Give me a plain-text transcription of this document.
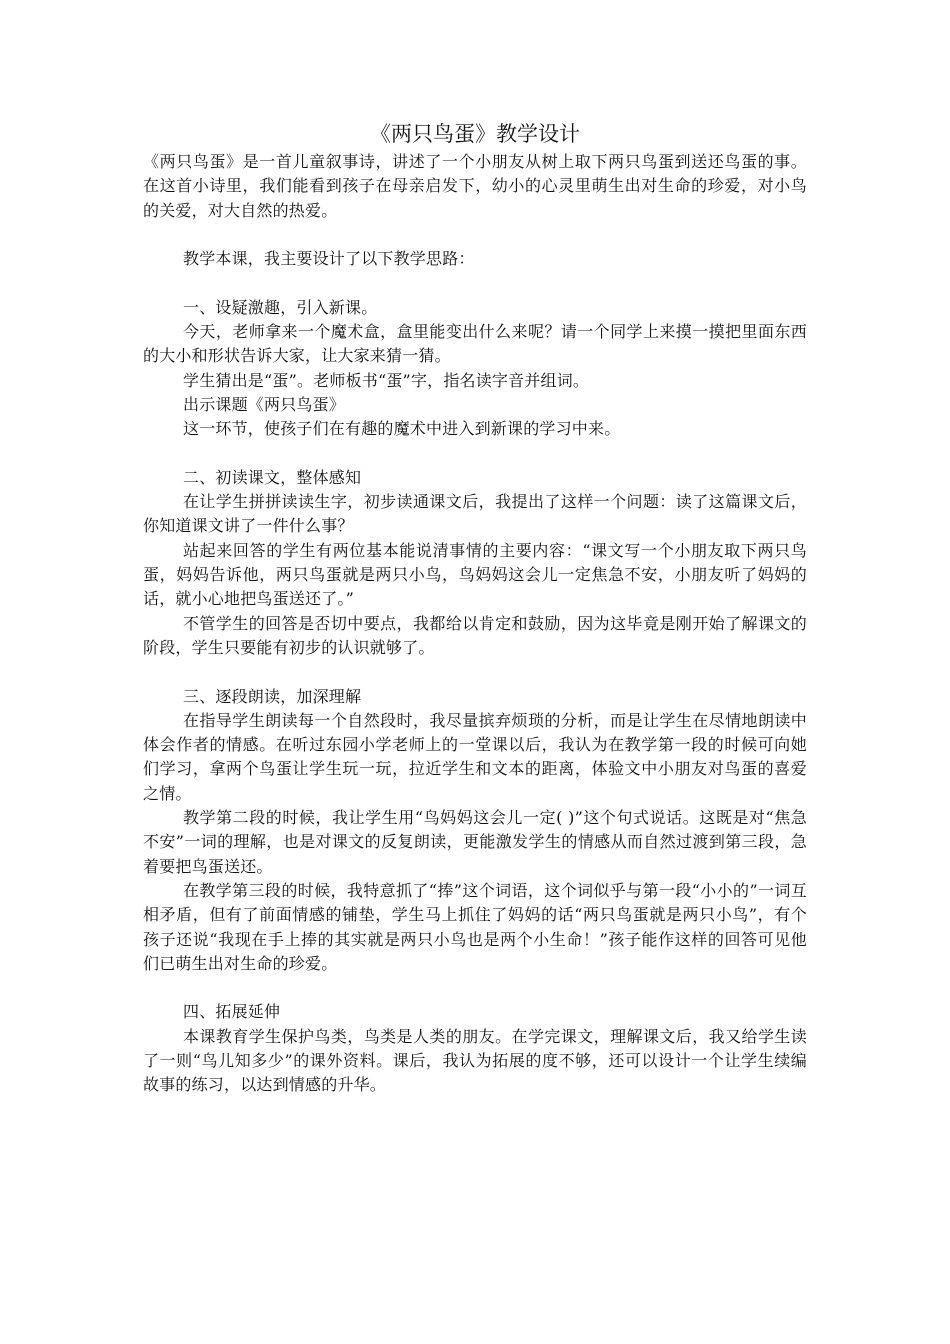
《两只鸟蛋》教学设计

《两只鸟蛋》是一首儿童叙事诗，讲述了一个小朋友从树上取下两只鸟蛋到送还鸟蛋的事。在这首小诗里，我们能看到孩子在母亲启发下，幼小的心灵里萌生出对生命的珍爱，对小鸟的关爱，对大自然的热爱。

教学本课，我主要设计了以下教学思路：

一、设疑激趣，引入新课。

今天，老师拿来一个魔术盒，盒里能变出什么来呢？请一个同学上来摸一摸把里面东西的大小和形状告诉大家，让大家来猜一猜。

学生猜出是“蛋”。老师板书“蛋”字，指名读字音并组词。

出示课题《两只鸟蛋》

这一环节，使孩子们在有趣的魔术中进入到新课的学习中来。

二、初读课文，整体感知

在让学生拼拼读读生字，初步读通课文后，我提出了这样一个问题：读了这篇课文后，你知道课文讲了一件什么事？

站起来回答的学生有两位基本能说清事情的主要内容：“课文写一个小朋友取下两只鸟蛋，妈妈告诉他，两只鸟蛋就是两只小鸟，鸟妈妈这会儿一定焦急不安，小朋友听了妈妈的话，就小心地把鸟蛋送还了。”

不管学生的回答是否切中要点，我都给以肯定和鼓励，因为这毕竟是刚开始了解课文的阶段，学生只要能有初步的认识就够了。

三、逐段朗读，加深理解

在指导学生朗读每一个自然段时，我尽量摈弃烦琐的分析，而是让学生在尽情地朗读中体会作者的情感。在听过东园小学老师上的一堂课以后，我认为在教学第一段的时候可向她们学习，拿两个鸟蛋让学生玩一玩，拉近学生和文本的距离，体验文中小朋友对鸟蛋的喜爱之情。

教学第二段的时候，我让学生用“鸟妈妈这会儿一定( )”这个句式说话。这既是对“焦急不安”一词的理解，也是对课文的反复朗读，更能激发学生的情感从而自然过渡到第三段，急着要把鸟蛋送还。

在教学第三段的时候，我特意抓了“捧”这个词语，这个词似乎与第一段“小小的”一词互相矛盾，但有了前面情感的铺垫，学生马上抓住了妈妈的话“两只鸟蛋就是两只小鸟”，有个孩子还说“我现在手上捧的其实就是两只小鸟也是两个小生命！”孩子能作这样的回答可见他们已萌生出对生命的珍爱。

四、拓展延伸

本课教育学生保护鸟类，鸟类是人类的朋友。在学完课文，理解课文后，我又给学生读了一则“鸟儿知多少”的课外资料。课后，我认为拓展的度不够，还可以设计一个让学生续编故事的练习，以达到情感的升华。
